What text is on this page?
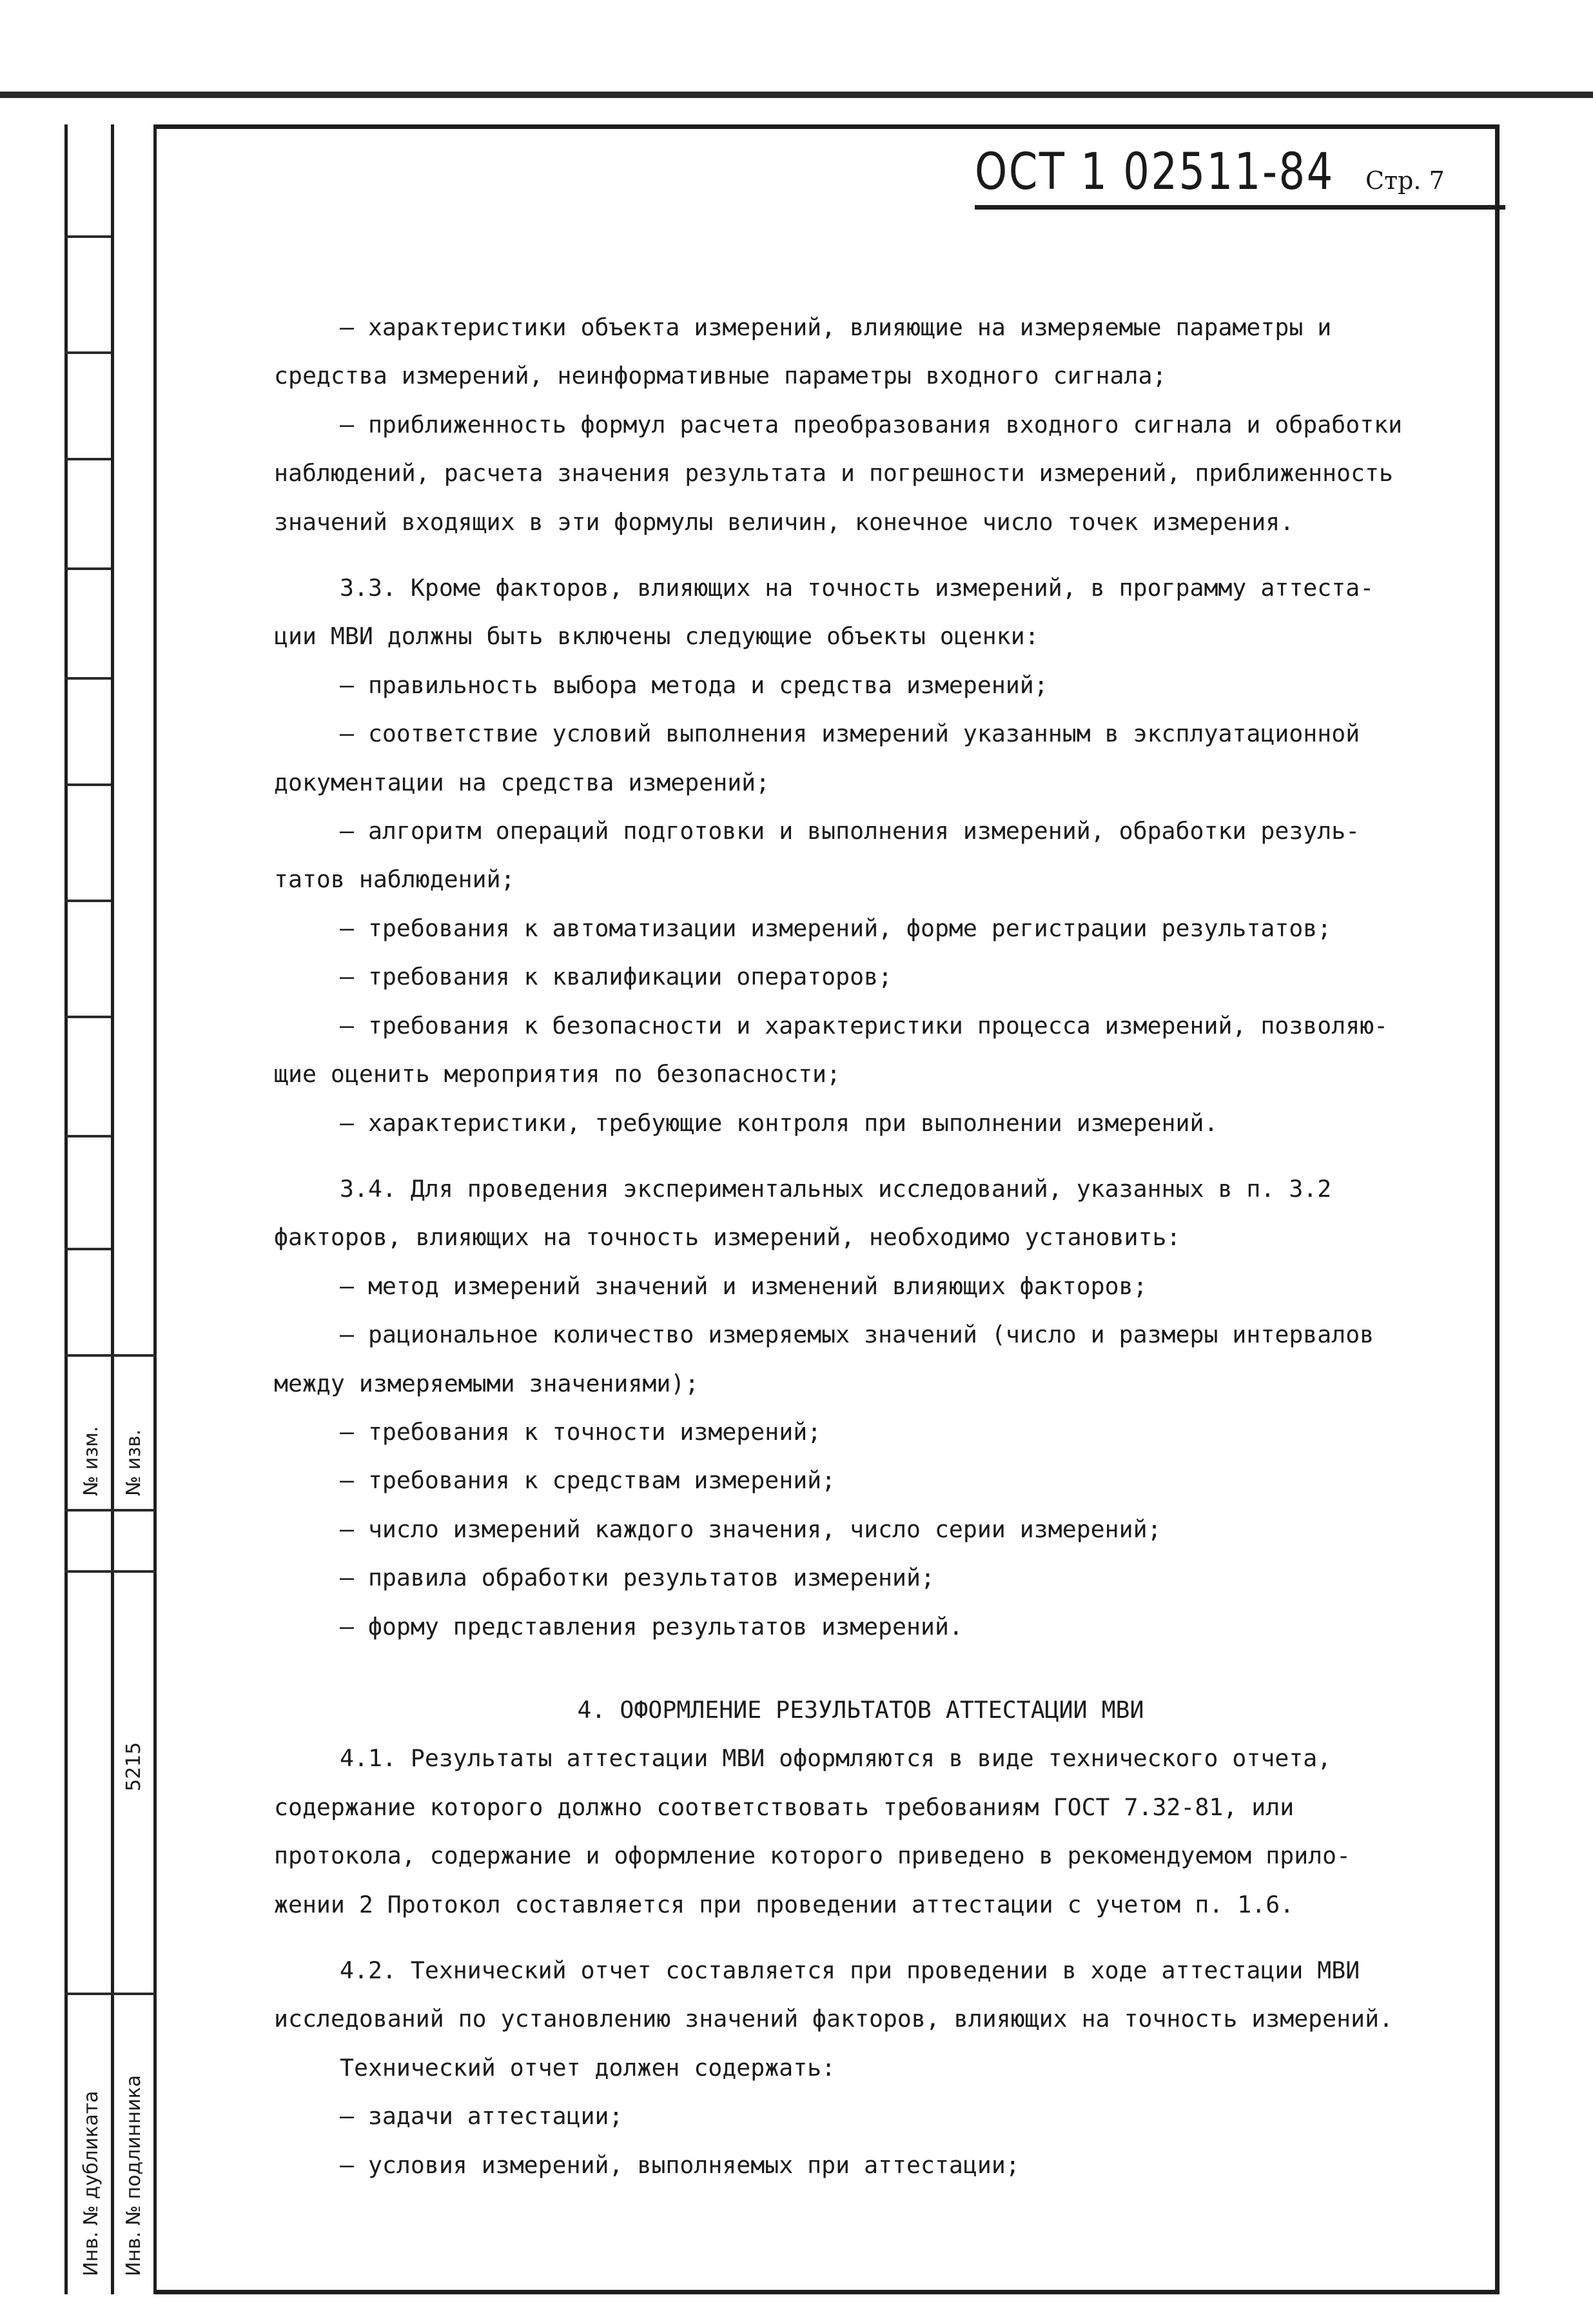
№ изм. № изв.
5215
Инв. № дубликата Инв. № подлинника
ОСТ 1 02511-84 Стр. 7
– характеристики объекта измерений, влияющие на измеряемые параметры и
средства измерений, неинформативные параметры входного сигнала;
– приближенность формул расчета преобразования входного сигнала и обработки
наблюдений, расчета значения результата и погрешности измерений, приближенность
значений входящих в эти формулы величин, конечное число точек измерения.
3.3. Кроме факторов, влияющих на точность измерений, в программу аттеста-
ции МВИ должны быть включены следующие объекты оценки:
– правильность выбора метода и средства измерений;
– соответствие условий выполнения измерений указанным в эксплуатационной
документации на средства измерений;
– алгоритм операций подготовки и выполнения измерений, обработки резуль-
татов наблюдений;
– требования к автоматизации измерений, форме регистрации результатов;
– требования к квалификации операторов;
– требования к безопасности и характеристики процесса измерений, позволяю-
щие оценить мероприятия по безопасности;
– характеристики, требующие контроля при выполнении измерений.
3.4. Для проведения экспериментальных исследований, указанных в п. 3.2
факторов, влияющих на точность измерений, необходимо установить:
– метод измерений значений и изменений влияющих факторов;
– рациональное количество измеряемых значений (число и размеры интервалов
между измеряемыми значениями);
– требования к точности измерений;
– требования к средствам измерений;
– число измерений каждого значения, число серии измерений;
– правила обработки результатов измерений;
– форму представления результатов измерений.
4. ОФОРМЛЕНИЕ РЕЗУЛЬТАТОВ АТТЕСТАЦИИ МВИ
4.1. Результаты аттестации МВИ оформляются в виде технического отчета,
содержание которого должно соответствовать требованиям ГОСТ 7.32-81, или
протокола, содержание и оформление которого приведено в рекомендуемом прило-
жении 2 Протокол составляется при проведении аттестации с учетом п. 1.6.
4.2. Технический отчет составляется при проведении в ходе аттестации МВИ
исследований по установлению значений факторов, влияющих на точность измерений.
Технический отчет должен содержать:
– задачи аттестации;
– условия измерений, выполняемых при аттестации;
